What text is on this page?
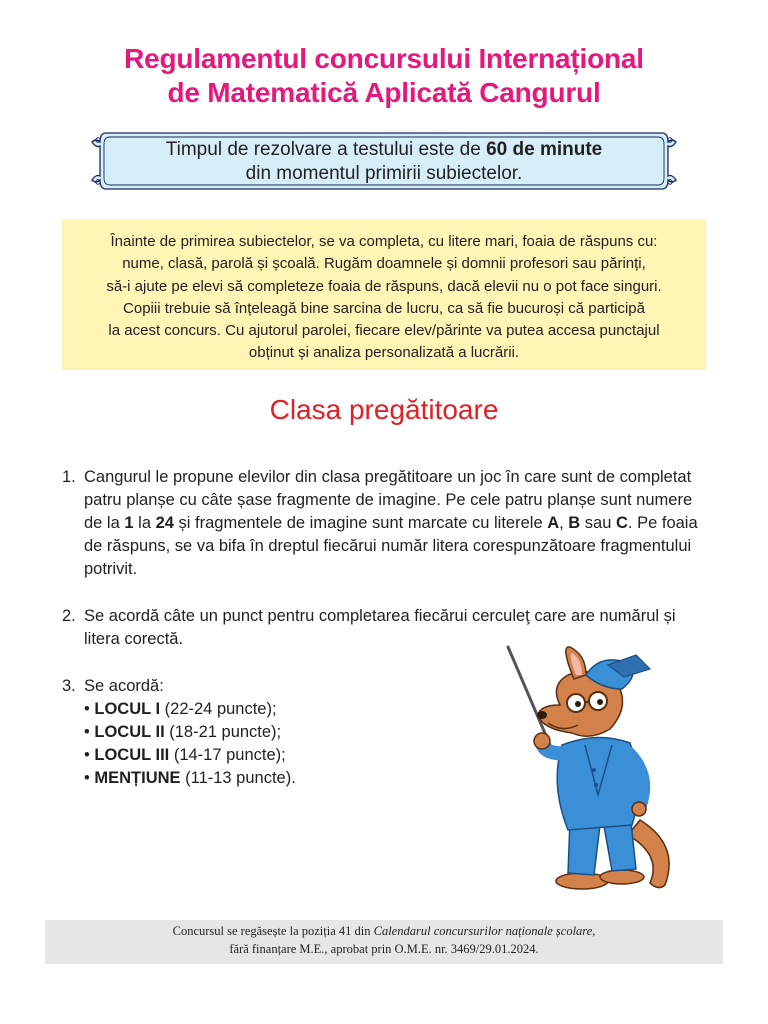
Regulamentul concursului Internațional
de Matematică Aplicată Cangurul
Timpul de rezolvare a testului este de 60 de minute
din momentul primirii subiectelor.

Înainte de primirea subiectelor, se va completa, cu litere mari, foaia de răspuns cu:
nume, clasă, parolă și școală. Rugăm doamnele și domnii profesori sau părinți,
să-i ajute pe elevi să completeze foaia de răspuns, dacă elevii nu o pot face singuri.
Copiii trebuie să înțeleagă bine sarcina de lucru, ca să fie bucuroși că participă
la acest concurs. Cu ajutorul parolei, fiecare elev/părinte va putea accesa punctajul
obținut și analiza personalizată a lucrării.

Clasa pregătitoare
1. Cangurul le propune elevilor din clasa pregătitoare un joc în care sunt de completat
patru planșe cu câte șase fragmente de imagine. Pe cele patru planșe sunt numere
de la 1 la 24 și fragmentele de imagine sunt marcate cu literele A, B sau C. Pe foaia
de răspuns, se va bifa în dreptul fiecărui număr litera corespunzătoare fragmentului
potrivit.
2. Se acordă câte un punct pentru completarea fiecărui cerculeţ care are numărul și
litera corectă.
3. Se acordă:
• LOCUL I (22-24 puncte);
• LOCUL II (18-21 puncte);
• LOCUL III (14-17 puncte);
• MENȚIUNE (11-13 puncte).
Concursul se regăsește la poziția 41 din Calendarul concursurilor naționale școlare,
fără finanțare M.E., aprobat prin O.M.E. nr. 3469/29.01.2024.
